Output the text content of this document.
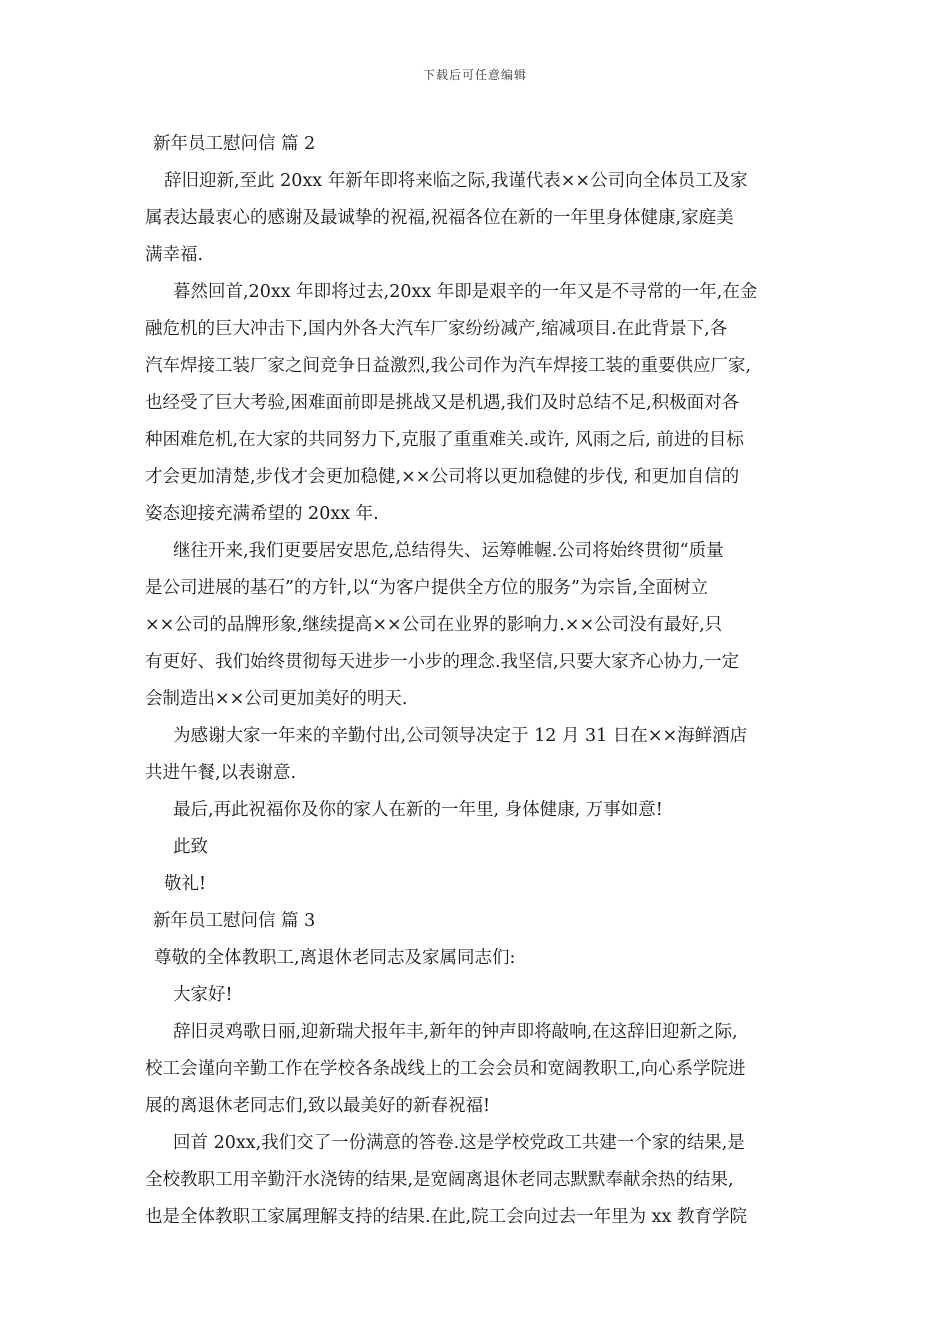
下载后可任意编辑

新年员工慰问信 篇 2

辞旧迎新,至此 20xx 年新年即将来临之际,我谨代表××公司向全体员工及家

属表达最衷心的感谢及最诚挚的祝福,祝福各位在新的一年里身体健康,家庭美

满幸福.

暮然回首,20xx 年即将过去,20xx 年即是艰辛的一年又是不寻常的一年,在金

融危机的巨大冲击下,国内外各大汽车厂家纷纷减产,缩减项目.在此背景下,各

汽车焊接工装厂家之间竞争日益激烈,我公司作为汽车焊接工装的重要供应厂家,

也经受了巨大考验,困难面前即是挑战又是机遇,我们及时总结不足,积极面对各

种困难危机,在大家的共同努力下,克服了重重难关.或许, 风雨之后, 前进的目标

才会更加清楚,步伐才会更加稳健,××公司将以更加稳健的步伐, 和更加自信的

姿态迎接充满希望的 20xx 年.

继往开来,我们更要居安思危,总结得失、运筹帷幄.公司将始终贯彻“质量

是公司进展的基石”的方针,以“为客户提供全方位的服务”为宗旨,全面树立

××公司的品牌形象,继续提高××公司在业界的影响力.××公司没有最好,只

有更好、我们始终贯彻每天进步一小步的理念.我坚信,只要大家齐心协力,一定

会制造出××公司更加美好的明天.

为感谢大家一年来的辛勤付出,公司领导决定于 12 月 31 日在××海鲜酒店

共进午餐,以表谢意.

最后,再此祝福你及你的家人在新的一年里, 身体健康, 万事如意!

此致

敬礼!

新年员工慰问信 篇 3

尊敬的全体教职工,离退休老同志及家属同志们:

大家好!

辞旧灵鸡歌日丽,迎新瑞犬报年丰,新年的钟声即将敲响,在这辞旧迎新之际,

校工会谨向辛勤工作在学校各条战线上的工会会员和宽阔教职工,向心系学院进

展的离退休老同志们,致以最美好的新春祝福!

回首 20xx,我们交了一份满意的答卷.这是学校党政工共建一个家的结果,是

全校教职工用辛勤汗水浇铸的结果,是宽阔离退休老同志默默奉献余热的结果,

也是全体教职工家属理解支持的结果.在此,院工会向过去一年里为 xx 教育学院
